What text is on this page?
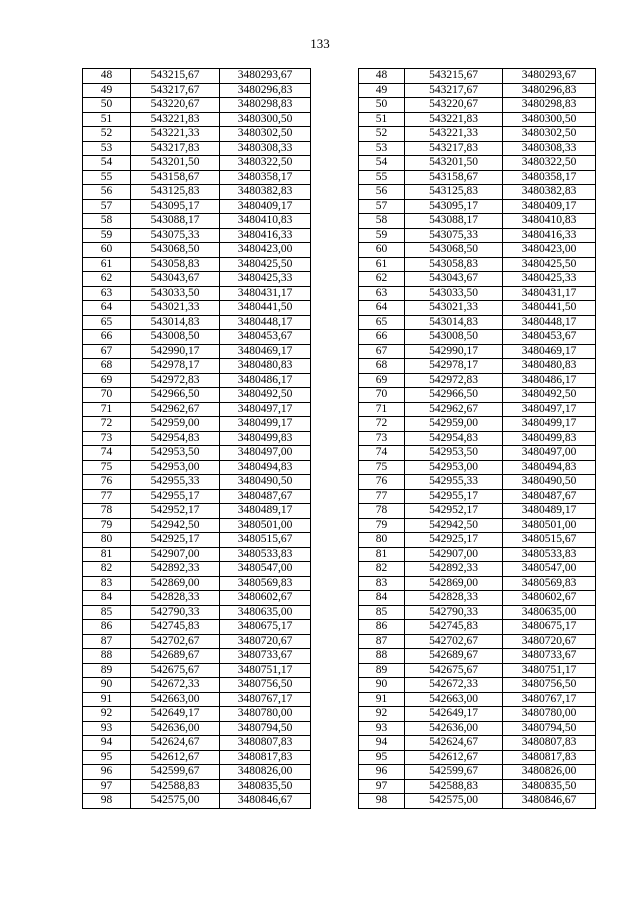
133
48	543215,67	3480293,67		48	543215,67	3480293,67
49	543217,67	3480296,83		49	543217,67	3480296,83
50	543220,67	3480298,83		50	543220,67	3480298,83
51	543221,83	3480300,50		51	543221,83	3480300,50
52	543221,33	3480302,50		52	543221,33	3480302,50
53	543217,83	3480308,33		53	543217,83	3480308,33
54	543201,50	3480322,50		54	543201,50	3480322,50
55	543158,67	3480358,17		55	543158,67	3480358,17
56	543125,83	3480382,83		56	543125,83	3480382,83
57	543095,17	3480409,17		57	543095,17	3480409,17
58	543088,17	3480410,83		58	543088,17	3480410,83
59	543075,33	3480416,33		59	543075,33	3480416,33
60	543068,50	3480423,00		60	543068,50	3480423,00
61	543058,83	3480425,50		61	543058,83	3480425,50
62	543043,67	3480425,33		62	543043,67	3480425,33
63	543033,50	3480431,17		63	543033,50	3480431,17
64	543021,33	3480441,50		64	543021,33	3480441,50
65	543014,83	3480448,17		65	543014,83	3480448,17
66	543008,50	3480453,67		66	543008,50	3480453,67
67	542990,17	3480469,17		67	542990,17	3480469,17
68	542978,17	3480480,83		68	542978,17	3480480,83
69	542972,83	3480486,17		69	542972,83	3480486,17
70	542966,50	3480492,50		70	542966,50	3480492,50
71	542962,67	3480497,17		71	542962,67	3480497,17
72	542959,00	3480499,17		72	542959,00	3480499,17
73	542954,83	3480499,83		73	542954,83	3480499,83
74	542953,50	3480497,00		74	542953,50	3480497,00
75	542953,00	3480494,83		75	542953,00	3480494,83
76	542955,33	3480490,50		76	542955,33	3480490,50
77	542955,17	3480487,67		77	542955,17	3480487,67
78	542952,17	3480489,17		78	542952,17	3480489,17
79	542942,50	3480501,00		79	542942,50	3480501,00
80	542925,17	3480515,67		80	542925,17	3480515,67
81	542907,00	3480533,83		81	542907,00	3480533,83
82	542892,33	3480547,00		82	542892,33	3480547,00
83	542869,00	3480569,83		83	542869,00	3480569,83
84	542828,33	3480602,67		84	542828,33	3480602,67
85	542790,33	3480635,00		85	542790,33	3480635,00
86	542745,83	3480675,17		86	542745,83	3480675,17
87	542702,67	3480720,67		87	542702,67	3480720,67
88	542689,67	3480733,67		88	542689,67	3480733,67
89	542675,67	3480751,17		89	542675,67	3480751,17
90	542672,33	3480756,50		90	542672,33	3480756,50
91	542663,00	3480767,17		91	542663,00	3480767,17
92	542649,17	3480780,00		92	542649,17	3480780,00
93	542636,00	3480794,50		93	542636,00	3480794,50
94	542624,67	3480807,83		94	542624,67	3480807,83
95	542612,67	3480817,83		95	542612,67	3480817,83
96	542599,67	3480826,00		96	542599,67	3480826,00
97	542588,83	3480835,50		97	542588,83	3480835,50
98	542575,00	3480846,67		98	542575,00	3480846,67
